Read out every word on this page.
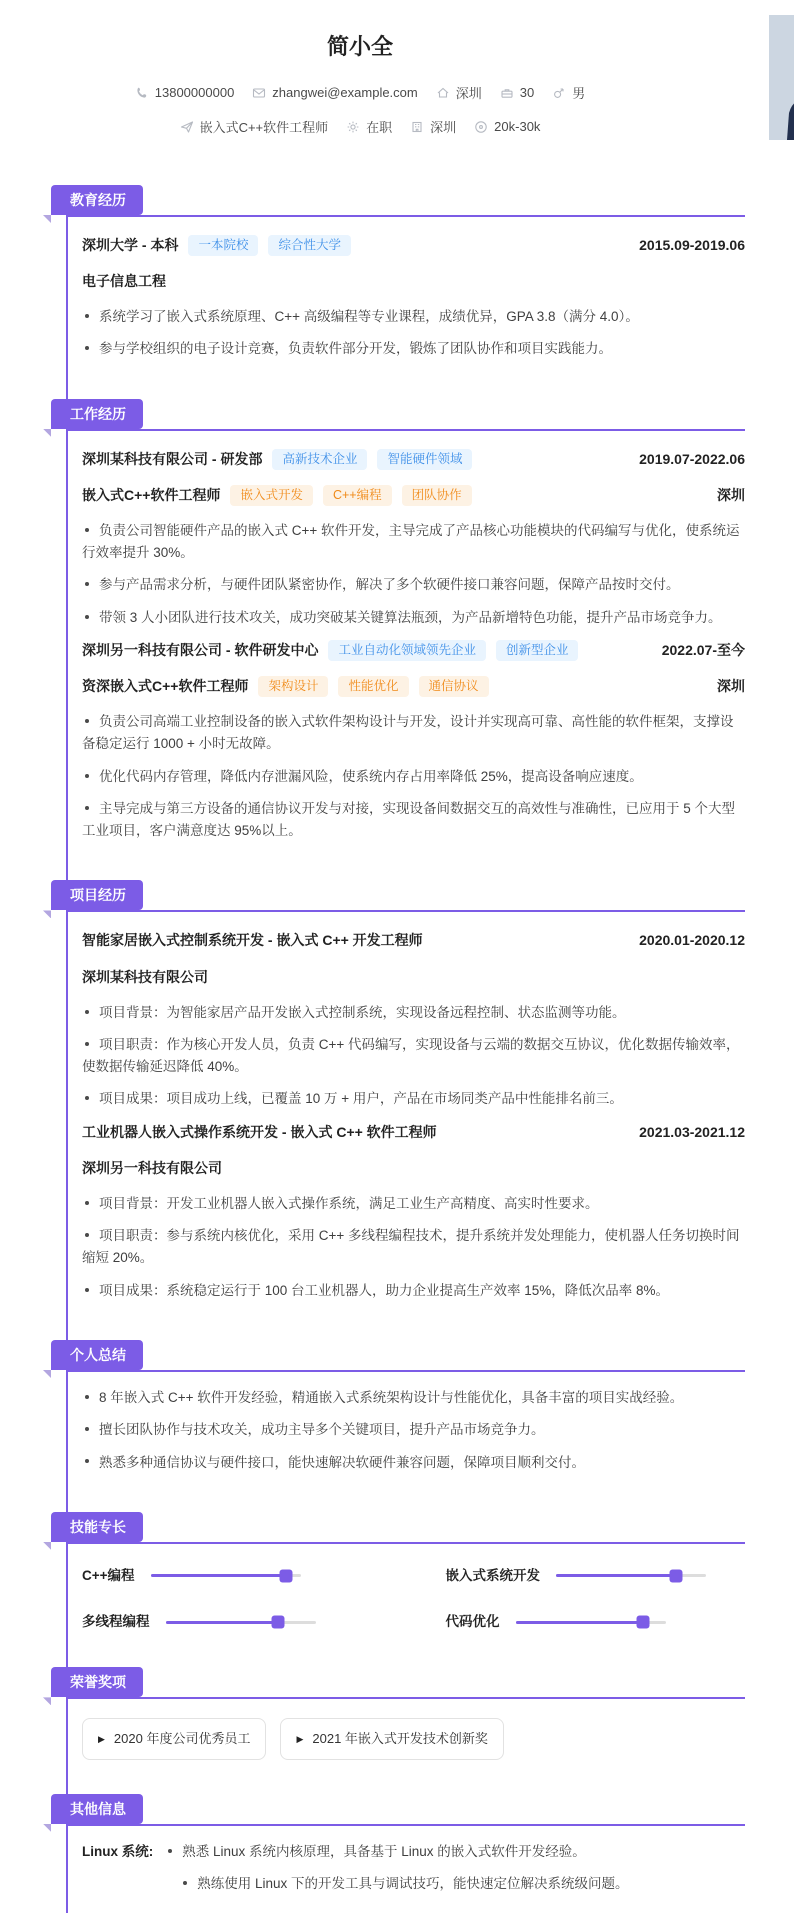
简小全
13800000000	zhangwei@example.com	深圳	30	男
嵌入式C++软件工程师	在职	深圳	20k-30k
教育经历
深圳大学 - 本科	一本院校	综合性大学	2015.09-2019.06
电子信息工程
系统学习了嵌入式系统原理、C++ 高级编程等专业课程，成绩优异，GPA 3.8（满分 4.0）。
参与学校组织的电子设计竞赛，负责软件部分开发，锻炼了团队协作和项目实践能力。
工作经历
深圳某科技有限公司 - 研发部	高新技术企业	智能硬件领域	2019.07-2022.06
嵌入式C++软件工程师	嵌入式开发	C++编程	团队协作	深圳
负责公司智能硬件产品的嵌入式 C++ 软件开发，主导完成了产品核心功能模块的代码编写与优化，使系统运行效率提升 30%。
参与产品需求分析，与硬件团队紧密协作，解决了多个软硬件接口兼容问题，保障产品按时交付。
带领 3 人小团队进行技术攻关，成功突破某关键算法瓶颈，为产品新增特色功能，提升产品市场竞争力。
深圳另一科技有限公司 - 软件研发中心	工业自动化领域领先企业	创新型企业	2022.07-至今
资深嵌入式C++软件工程师	架构设计	性能优化	通信协议	深圳
负责公司高端工业控制设备的嵌入式软件架构设计与开发，设计并实现高可靠、高性能的软件框架，支撑设备稳定运行 1000 + 小时无故障。
优化代码内存管理，降低内存泄漏风险，使系统内存占用率降低 25%，提高设备响应速度。
主导完成与第三方设备的通信协议开发与对接，实现设备间数据交互的高效性与准确性，已应用于 5 个大型工业项目，客户满意度达 95%以上。
项目经历
智能家居嵌入式控制系统开发 - 嵌入式 C++ 开发工程师	2020.01-2020.12
深圳某科技有限公司
项目背景：为智能家居产品开发嵌入式控制系统，实现设备远程控制、状态监测等功能。
项目职责：作为核心开发人员，负责 C++ 代码编写，实现设备与云端的数据交互协议，优化数据传输效率，使数据传输延迟降低 40%。
项目成果：项目成功上线，已覆盖 10 万 + 用户，产品在市场同类产品中性能排名前三。
工业机器人嵌入式操作系统开发 - 嵌入式 C++ 软件工程师	2021.03-2021.12
深圳另一科技有限公司
项目背景：开发工业机器人嵌入式操作系统，满足工业生产高精度、高实时性要求。
项目职责：参与系统内核优化，采用 C++ 多线程编程技术，提升系统并发处理能力，使机器人任务切换时间缩短 20%。
项目成果：系统稳定运行于 100 台工业机器人，助力企业提高生产效率 15%，降低次品率 8%。
个人总结
8 年嵌入式 C++ 软件开发经验，精通嵌入式系统架构设计与性能优化，具备丰富的项目实战经验。
擅长团队协作与技术攻关，成功主导多个关键项目，提升产品市场竞争力。
熟悉多种通信协议与硬件接口，能快速解决软硬件兼容问题，保障项目顺利交付。
技能专长
C++编程	嵌入式系统开发
多线程编程	代码优化
荣誉奖项
▶ 2020 年度公司优秀员工	▶ 2021 年嵌入式开发技术创新奖
其他信息
Linux 系统:	熟悉 Linux 系统内核原理，具备基于 Linux 的嵌入式软件开发经验。
熟练使用 Linux 下的开发工具与调试技巧，能快速定位解决系统级问题。
